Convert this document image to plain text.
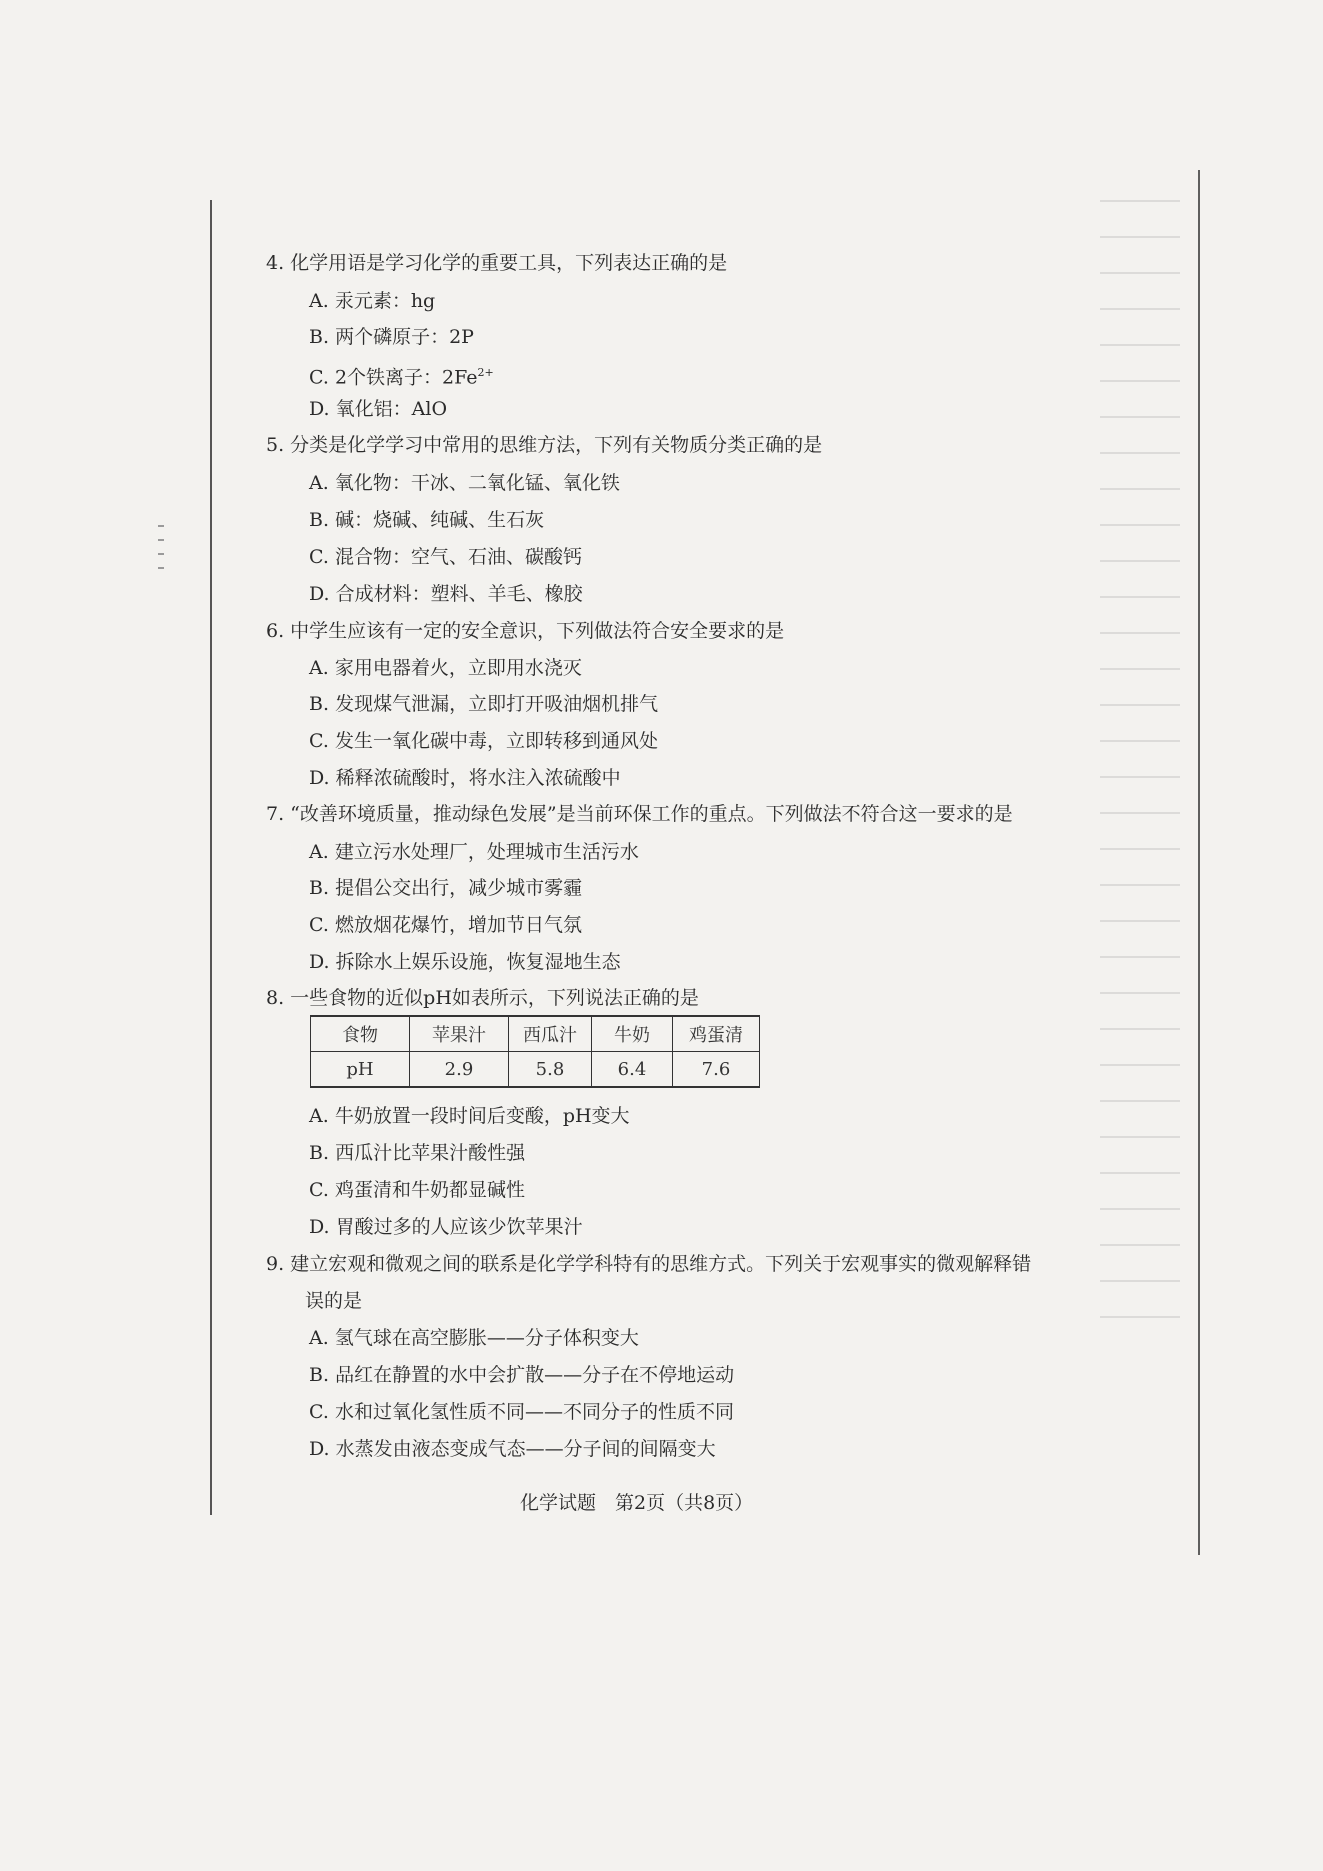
4. 化学用语是学习化学的重要工具，下列表达正确的是
A. 汞元素：hg
B. 两个磷原子：2P
C. 2个铁离子：$2Fe^{2+}$
D. 氧化铝：AlO
5. 分类是化学学习中常用的思维方法，下列有关物质分类正确的是
A. 氧化物：干冰、二氧化锰、氧化铁
B. 碱：烧碱、纯碱、生石灰
C. 混合物：空气、石油、碳酸钙
D. 合成材料：塑料、羊毛、橡胶
6. 中学生应该有一定的安全意识，下列做法符合安全要求的是
A. 家用电器着火，立即用水浇灭
B. 发现煤气泄漏，立即打开吸油烟机排气
C. 发生一氧化碳中毒，立即转移到通风处
D. 稀释浓硫酸时，将水注入浓硫酸中
7. “改善环境质量，推动绿色发展”是当前环保工作的重点。下列做法不符合这一要求的是
A. 建立污水处理厂，处理城市生活污水
B. 提倡公交出行，减少城市雾霾
C. 燃放烟花爆竹，增加节日气氛
D. 拆除水上娱乐设施，恢复湿地生态
8. 一些食物的近似pH如表所示，下列说法正确的是
食物	苹果汁	西瓜汁	牛奶	鸡蛋清
pH	2.9	5.8	6.4	7.6
A. 牛奶放置一段时间后变酸，pH变大
B. 西瓜汁比苹果汁酸性强
C. 鸡蛋清和牛奶都显碱性
D. 胃酸过多的人应该少饮苹果汁
9. 建立宏观和微观之间的联系是化学学科特有的思维方式。下列关于宏观事实的微观解释错
误的是
A. 氢气球在高空膨胀——分子体积变大
B. 品红在静置的水中会扩散——分子在不停地运动
C. 水和过氧化氢性质不同——不同分子的性质不同
D. 水蒸发由液态变成气态——分子间的间隔变大
化学试题　第2页（共8页）
